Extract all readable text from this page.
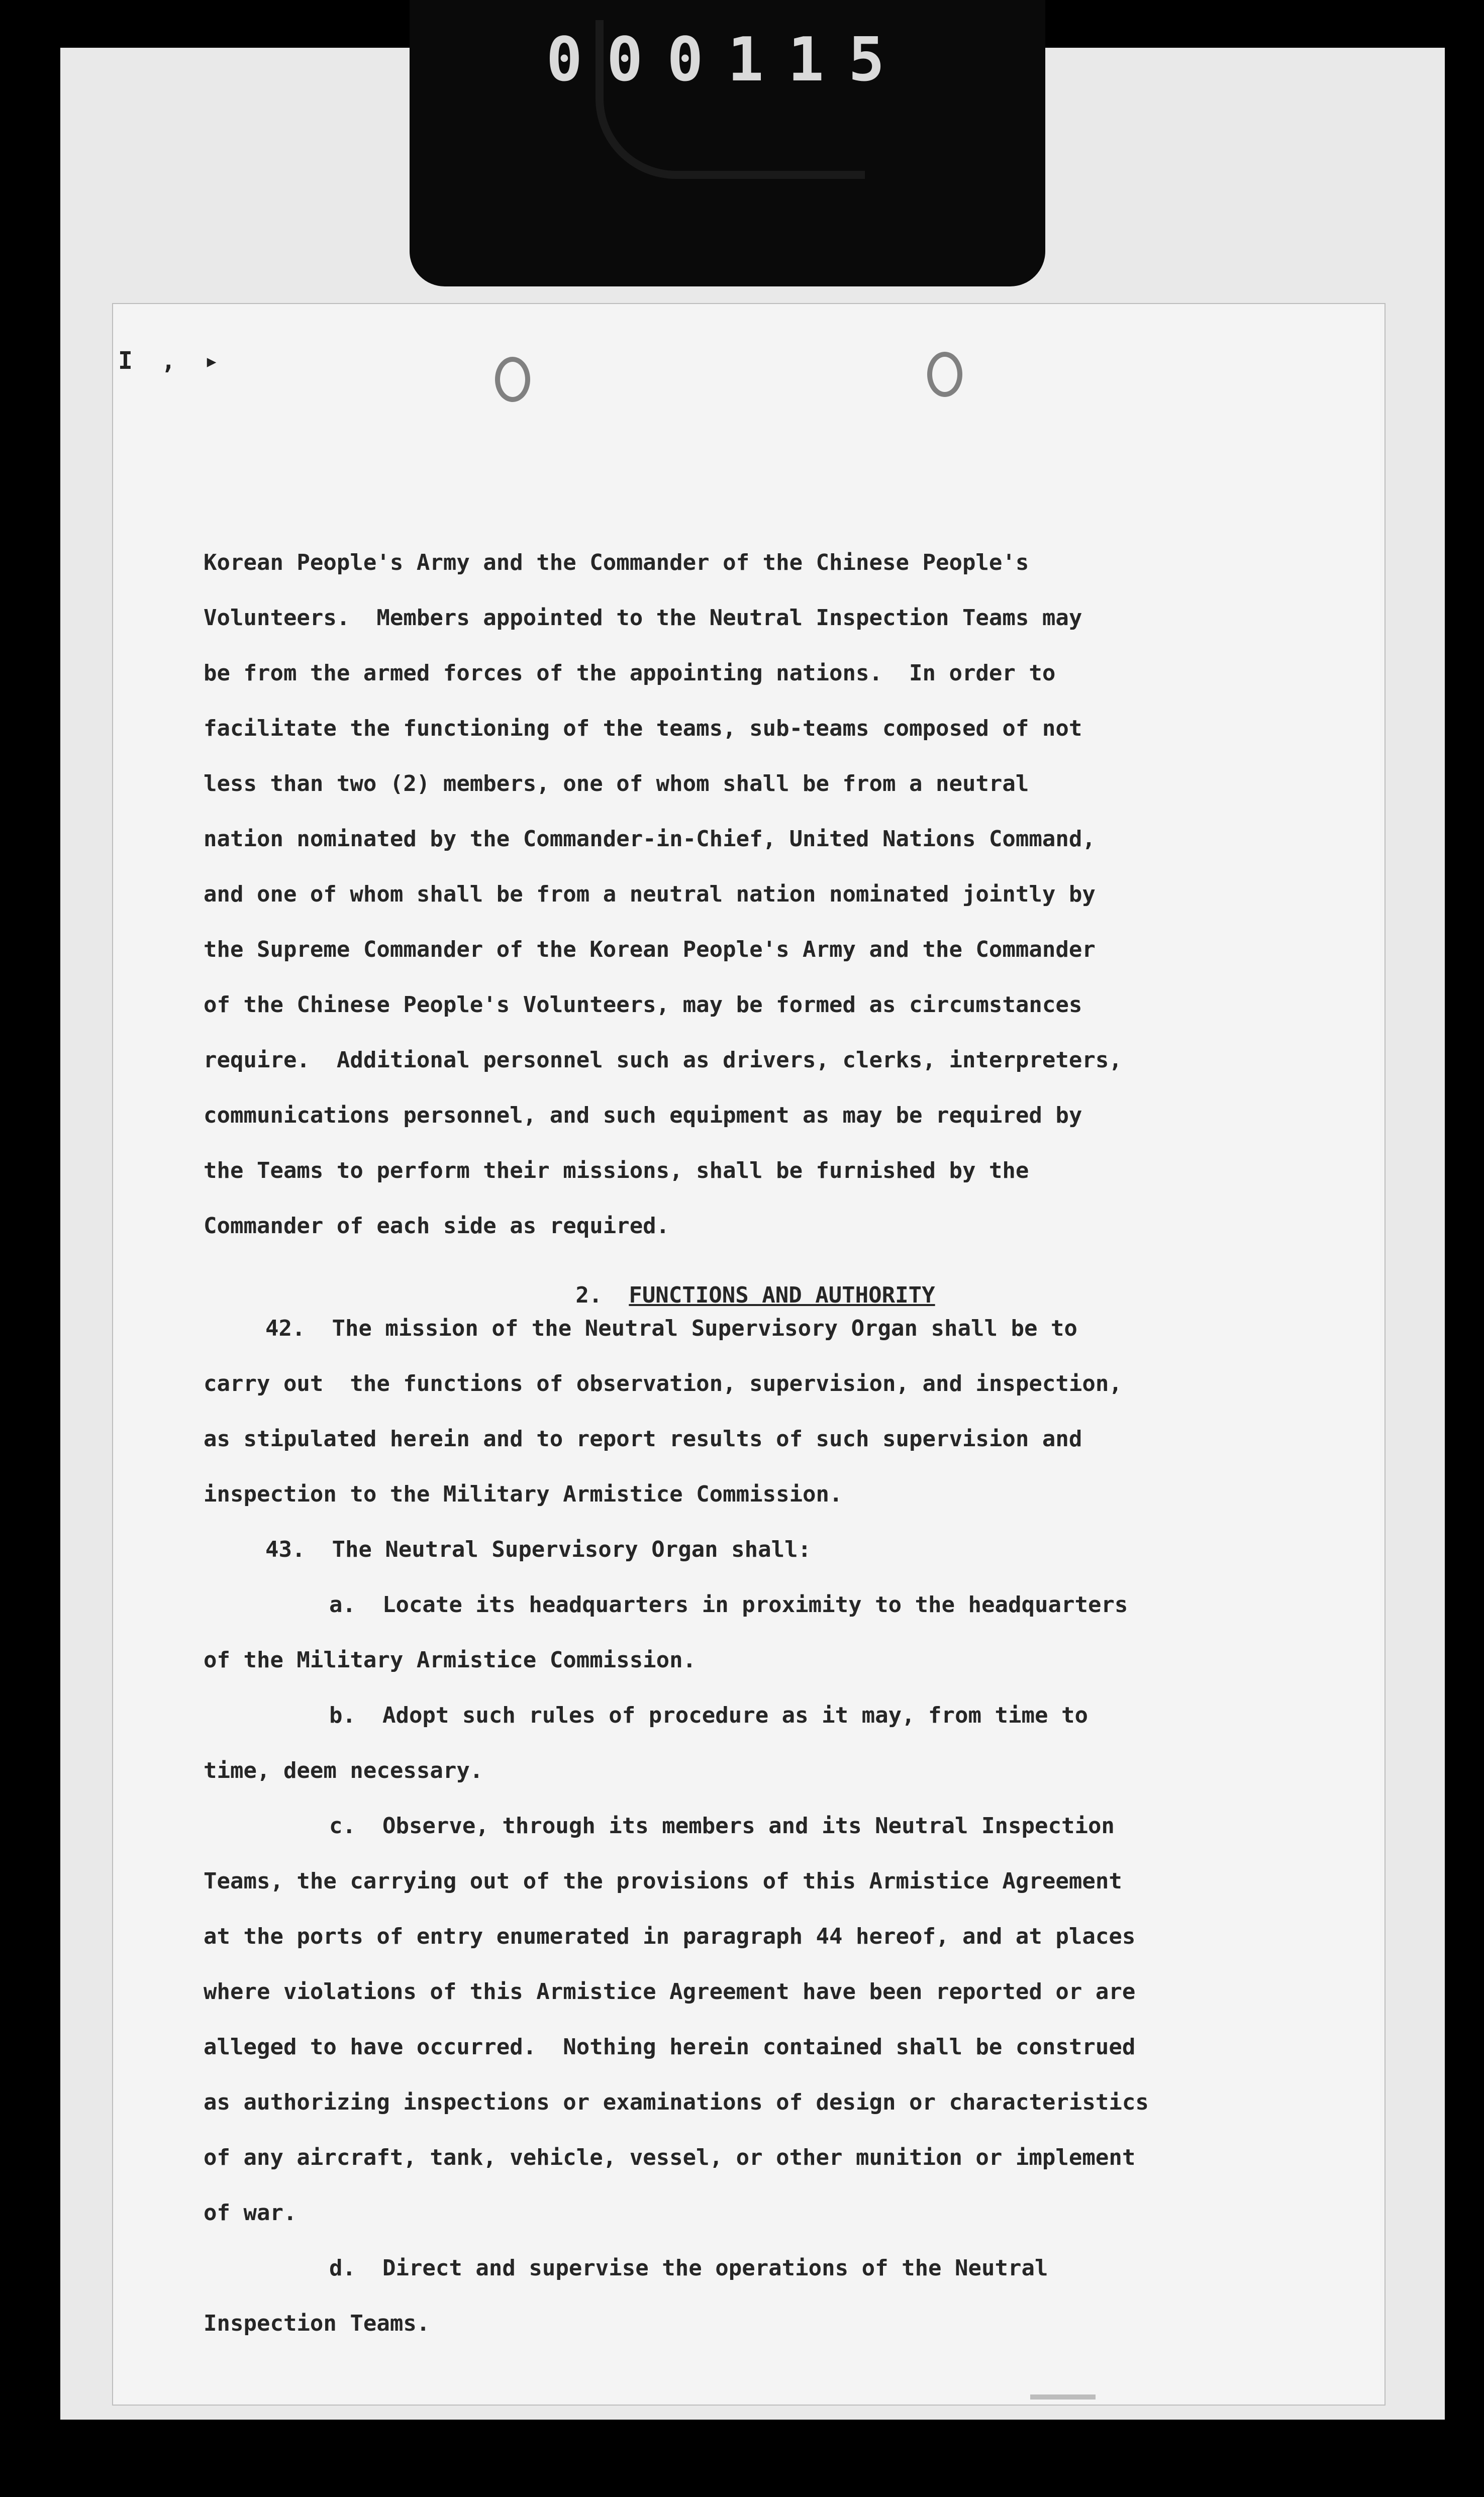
000115
I , ▸
Korean People's Army and the Commander of the Chinese People's
Volunteers.  Members appointed to the Neutral Inspection Teams may
be from the armed forces of the appointing nations.  In order to
facilitate the functioning of the teams, sub-teams composed of not
less than two (2) members, one of whom shall be from a neutral
nation nominated by the Commander-in-Chief, United Nations Command,
and one of whom shall be from a neutral nation nominated jointly by
the Supreme Commander of the Korean People's Army and the Commander
of the Chinese People's Volunteers, may be formed as circumstances
require.  Additional personnel such as drivers, clerks, interpreters,
communications personnel, and such equipment as may be required by
the Teams to perform their missions, shall be furnished by the
Commander of each side as required.

2. FUNCTIONS AND AUTHORITY

42.  The mission of the Neutral Supervisory Organ shall be to
carry out  the functions of observation, supervision, and inspection,
as stipulated herein and to report results of such supervision and
inspection to the Military Armistice Commission.
43.  The Neutral Supervisory Organ shall:
a.  Locate its headquarters in proximity to the headquarters
of the Military Armistice Commission.
b.  Adopt such rules of procedure as it may, from time to
time, deem necessary.
c.  Observe, through its members and its Neutral Inspection
Teams, the carrying out of the provisions of this Armistice Agreement
at the ports of entry enumerated in paragraph 44 hereof, and at places
where violations of this Armistice Agreement have been reported or are
alleged to have occurred.  Nothing herein contained shall be construed
as authorizing inspections or examinations of design or characteristics
of any aircraft, tank, vehicle, vessel, or other munition or implement
of war.
d.  Direct and supervise the operations of the Neutral
Inspection Teams.
